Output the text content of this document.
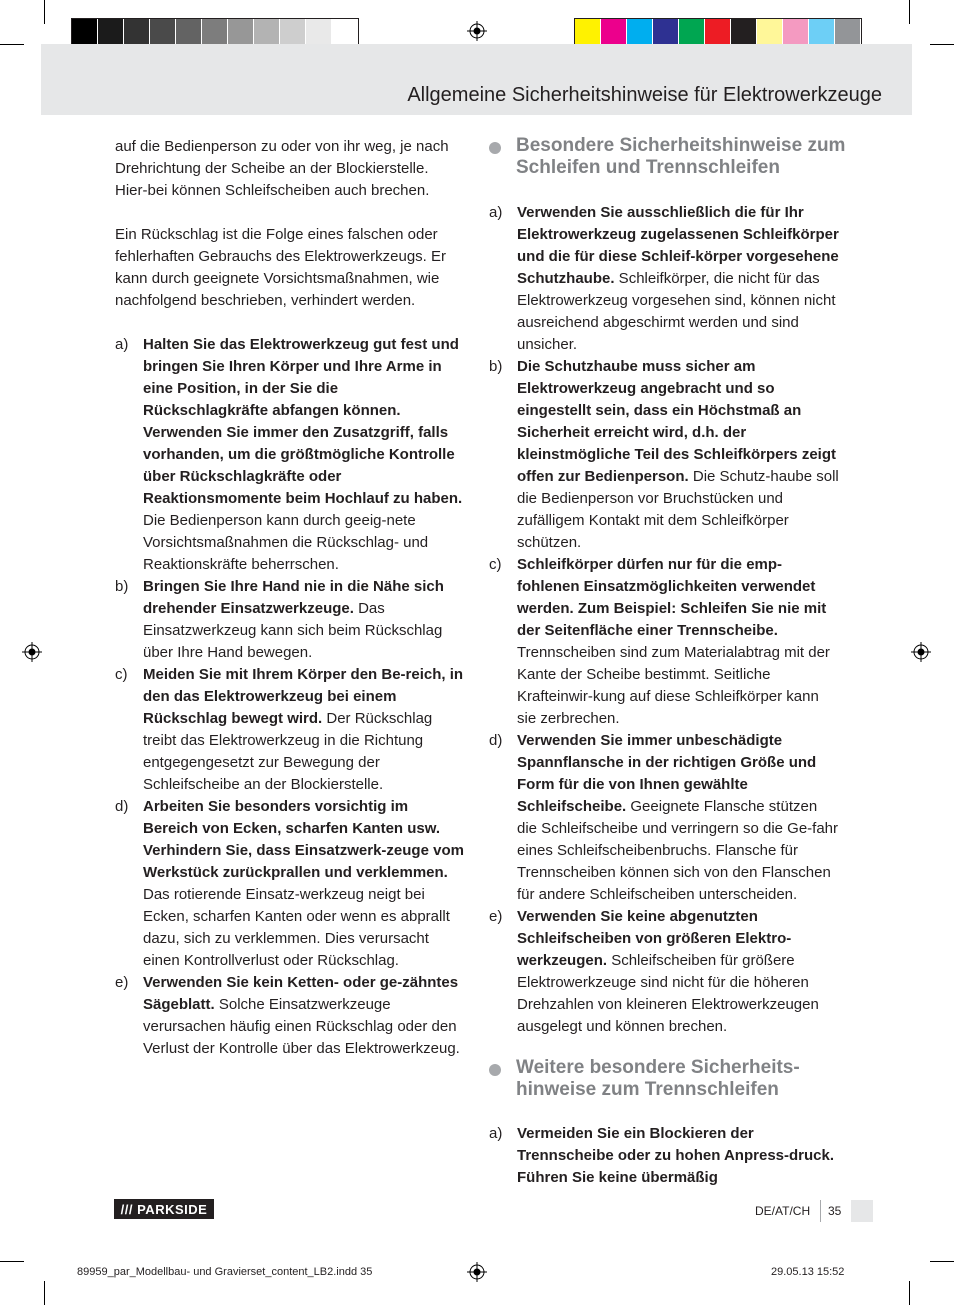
Allgemeine Sicherheitshinweise für Elektrowerkzeuge

auf die Bedienperson zu oder von ihr weg, je nach Drehrichtung der Scheibe an der Blockierstelle. Hier-bei können Schleifscheiben auch brechen.

Ein Rückschlag ist die Folge eines falschen oder fehlerhaften Gebrauchs des Elektrowerkzeugs. Er kann durch geeignete Vorsichtsmaßnahmen, wie nachfolgend beschrieben, verhindert werden.

a) Halten Sie das Elektrowerkzeug gut fest und bringen Sie Ihren Körper und Ihre Arme in eine Position, in der Sie die Rückschlagkräfte abfangen können. Verwenden Sie immer den Zusatzgriff, falls vorhanden, um die größtmögliche Kontrolle über Rückschlagkräfte oder Reaktionsmomente beim Hochlauf zu haben. Die Bedienperson kann durch geeig-nete Vorsichtsmaßnahmen die Rückschlag- und Reaktionskräfte beherrschen.
b) Bringen Sie Ihre Hand nie in die Nähe sich drehender Einsatzwerkzeuge. Das Einsatzwerkzeug kann sich beim Rückschlag über Ihre Hand bewegen.
c)	Meiden Sie mit Ihrem Körper den Be-reich, in den das Elektrowerkzeug bei einem Rückschlag bewegt wird. Der Rückschlag treibt das Elektrowerkzeug in die Richtung entgegengesetzt zur Bewegung der Schleifscheibe an der Blockierstelle.
d) Arbeiten Sie besonders vorsichtig im Bereich von Ecken, scharfen Kanten usw. Verhindern Sie, dass Einsatzwerk-zeuge vom Werkstück zurückprallen und verklemmen. Das rotierende Einsatz-werkzeug neigt bei Ecken, scharfen Kanten oder wenn es abprallt dazu, sich zu verklemmen. Dies verursacht einen Kontrollverlust oder Rückschlag.
e) Verwenden Sie kein Ketten- oder ge-zähntes Sägeblatt. Solche Einsatzwerkzeuge verursachen häufig einen Rückschlag oder den Verlust der Kontrolle über das Elektrowerkzeug.
Besondere Sicherheitshinweise zum Schleifen und Trennschleifen
a) Verwenden Sie ausschließlich die für Ihr Elektrowerkzeug zugelassenen Schleifkörper und die für diese Schleif-körper vorgesehene Schutzhaube. Schleifkörper, die nicht für das Elektrowerkzeug vorgesehen sind, können nicht ausreichend abgeschirmt werden und sind unsicher.
b) Die Schutzhaube muss sicher am Elektrowerkzeug angebracht und so eingestellt sein, dass ein Höchstmaß an Sicherheit erreicht wird, d.h. der kleinstmögliche Teil des Schleifkörpers zeigt offen zur Bedienperson. Die Schutz-haube soll die Bedienperson vor Bruchstücken und zufälligem Kontakt mit dem Schleifkörper schützen.
c)	Schleifkörper dürfen nur für die emp-fohlenen Einsatzmöglichkeiten verwendet werden. Zum Beispiel: Schleifen Sie nie mit der Seitenfläche einer Trennscheibe. Trennscheiben sind zum Materialabtrag mit der Kante der Scheibe bestimmt. Seitliche Krafteinwir-kung auf diese Schleifkörper kann sie zerbrechen.
d) Verwenden Sie immer unbeschädigte Spannflansche in der richtigen Größe und Form für die von Ihnen gewählte Schleifscheibe. Geeignete Flansche stützen die Schleifscheibe und verringern so die Ge-fahr eines Schleifscheibenbruchs. Flansche für Trennscheiben können sich von den Flanschen für andere Schleifscheiben unterscheiden.
e) Verwenden Sie keine abgenutzten Schleifscheiben von größeren Elektro-werkzeugen. Schleifscheiben für größere Elektrowerkzeuge sind nicht für die höheren Drehzahlen von kleineren Elektrowerkzeugen ausgelegt und können brechen.
Weitere besondere Sicherheits-hinweise zum Trennschleifen
a) Vermeiden Sie ein Blockieren der Trennscheibe oder zu hohen Anpress-druck. Führen Sie keine übermäßig
/// PARKSIDE	DE/AT/CH 35
89959_par_Modellbau- und Gravierset_content_LB2.indd 35	29.05.13 15:52
